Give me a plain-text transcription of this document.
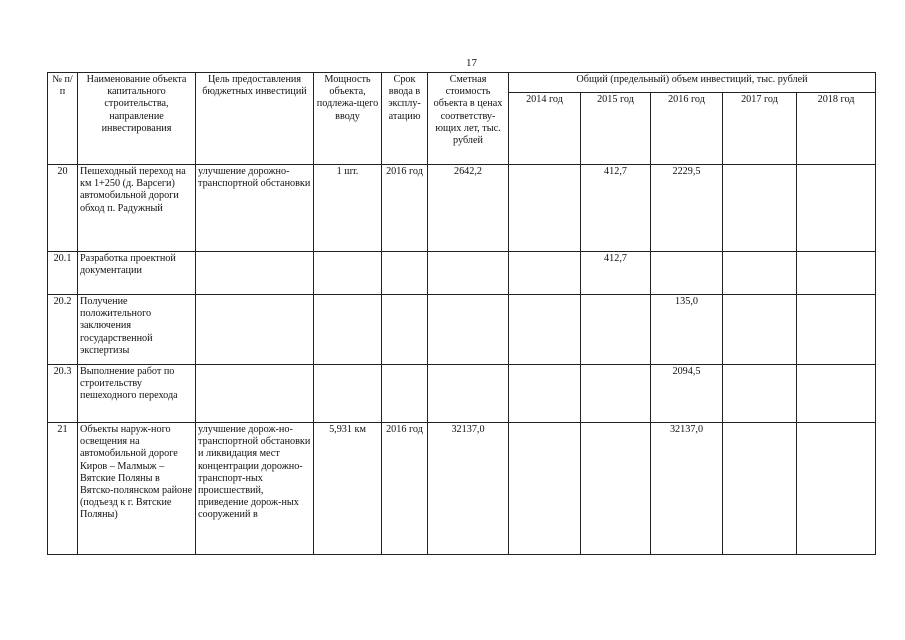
17
№ п/п	Наименование объекта капитального строительства, направление инвестирования	Цель предоставления бюджетных инвестиций	Мощность объекта, подлежа-щего вводу	Срок ввода в эксплу-атацию	Сметная стоимость объекта в ценах соответству-ющих лет, тыс. рублей	Общий (предельный) объем инвестиций, тыс. рублей				
						2014 год	2015 год	2016 год	2017 год	2018 год
20	Пешеходный переход на км 1+250 (д. Варсеги) автомобильной дороги обход п. Радужный	улучшение дорожно-транспортной обстановки	1 шт.	2016 год	2642,2		412,7	2229,5		
20.1	Разработка проектной документации						412,7			
20.2	Получение положительного заключения государственной экспертизы							135,0		
20.3	Выполнение работ по строительству пешеходного перехода							2094,5		
21	Объекты наруж-ного освещения на автомобильной дороге Киров – Малмыж – Вятские Поляны в Вятско-полянском районе (подъезд к г. Вятские Поляны)	улучшение дорож-но-транспортной обстановки и ликвидация мест концентрации дорожно-транспорт-ных происшествий, приведение дорож-ных сооружений в	5,931 км	2016 год	32137,0			32137,0		
